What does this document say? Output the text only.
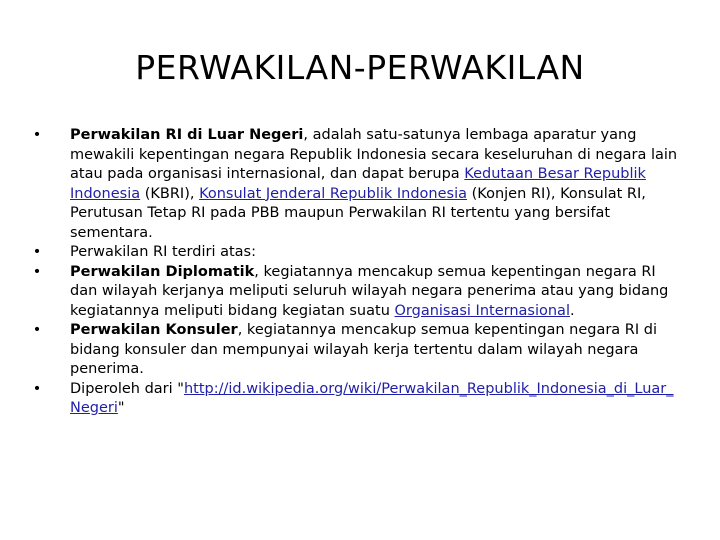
PERWAKILAN-PERWAKILAN
• Perwakilan RI di Luar Negeri, adalah satu-satunya lembaga aparatur yang mewakili kepentingan negara Republik Indonesia secara keseluruhan di negara lain atau pada organisasi internasional, dan dapat berupa Kedutaan Besar Republik Indonesia (KBRI), Konsulat Jenderal Republik Indonesia (Konjen RI), Konsulat RI, Perutusan Tetap RI pada PBB maupun Perwakilan RI tertentu yang bersifat sementara.
• Perwakilan RI terdiri atas:
• Perwakilan Diplomatik, kegiatannya mencakup semua kepentingan negara RI dan wilayah kerjanya meliputi seluruh wilayah negara penerima atau yang bidang kegiatannya meliputi bidang kegiatan suatu Organisasi Internasional.
• Perwakilan Konsuler, kegiatannya mencakup semua kepentingan negara RI di bidang konsuler dan mempunyai wilayah kerja tertentu dalam wilayah negara penerima.
• Diperoleh dari "http://id.wikipedia.org/wiki/Perwakilan_Republik_Indonesia_di_Luar_Negeri"
